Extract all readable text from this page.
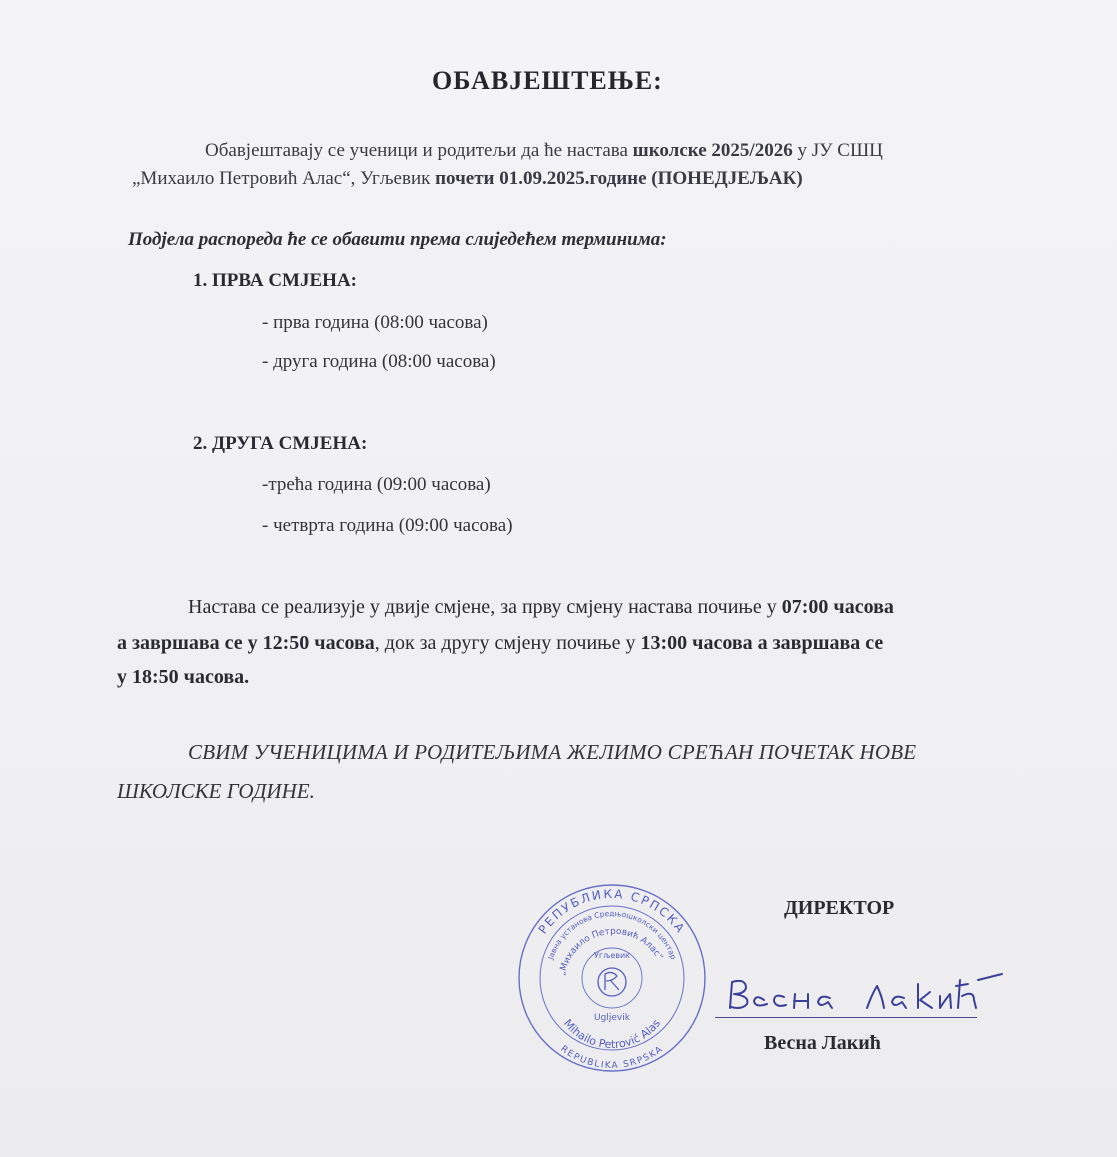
ОБАВЈЕШТЕЊЕ:
Обавјештавају се ученици и родитељи да ће настава школске 2025/2026 у ЈУ СШЦ
„Михаило Петровић Алас“, Угљевик почети 01.09.2025.године (ПОНЕДЈЕЉАК)
Подјела распореда ће се обавити према слиједећем терминима:
1. ПРВА СМЈЕНА:
- прва година (08:00 часова)
- друга година (08:00 часова)
2. ДРУГА СМЈЕНА:
-трећа година (09:00 часова)
- четврта година (09:00 часова)
Настава се реализује у двије смјене, за прву смјену настава почиње у 07:00 часова
а завршава се у 12:50 часова, док за другу смјену почиње у 13:00 часова а завршава се
у 18:50 часова.
СВИМ УЧЕНИЦИМА И РОДИТЕЉИМА ЖЕЛИМО СРЕЋАН ПОЧЕТАК НОВЕ
ШКОЛСКЕ ГОДИНЕ.
РЕПУБЛИКА СРПСКА
Јавна установа Средњошколски центар
„Михаило Петровић Алас“
Угљевик
Ugljevik
Mihailo Petrović Alas
REPUBLIKA SRPSKA
ДИРЕКТОР
Весна Лакић
